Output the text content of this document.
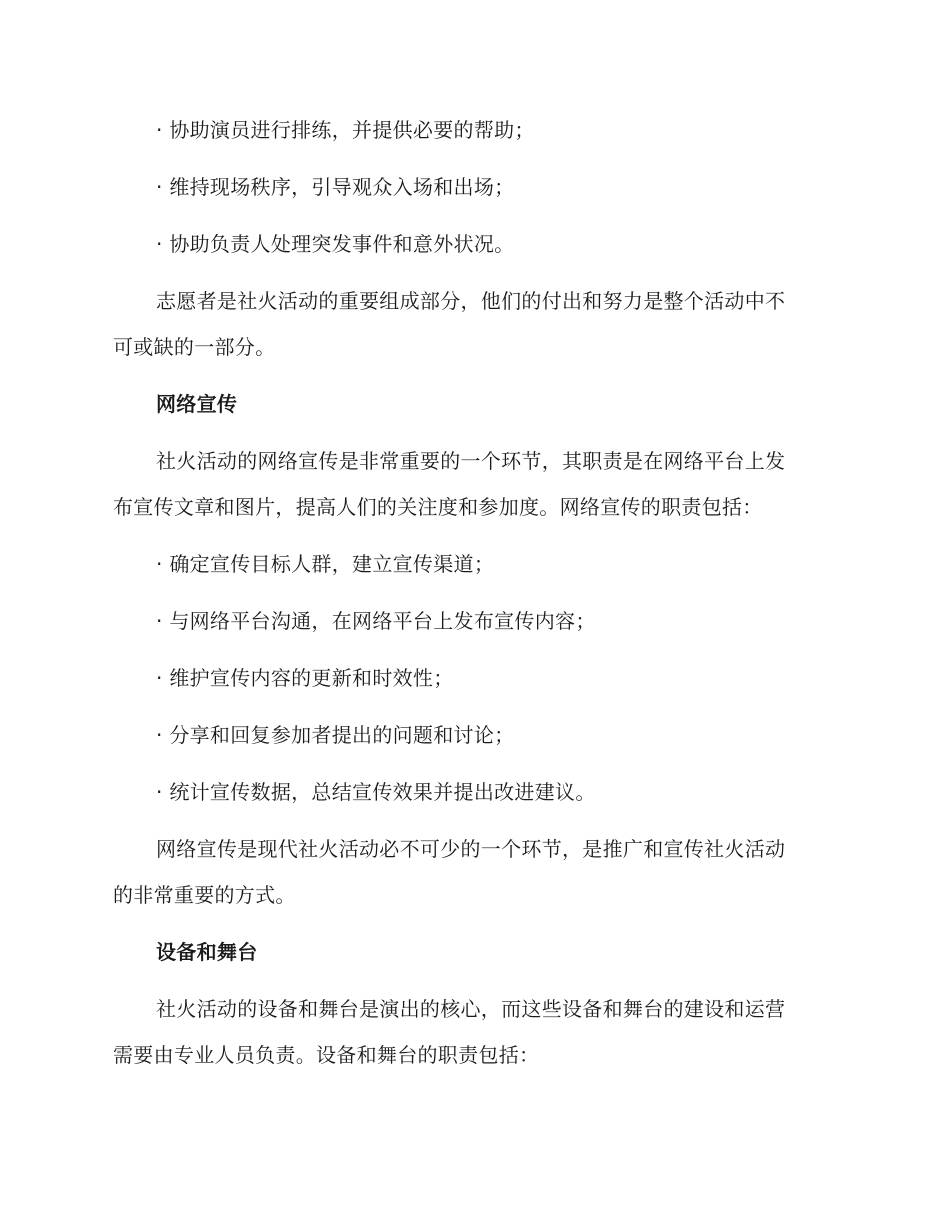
· 协助演员进行排练，并提供必要的帮助；
· 维持现场秩序，引导观众入场和出场；
· 协助负责人处理突发事件和意外状况。
志愿者是社火活动的重要组成部分，他们的付出和努力是整个活动中不
可或缺的一部分。
网络宣传
社火活动的网络宣传是非常重要的一个环节，其职责是在网络平台上发
布宣传文章和图片，提高人们的关注度和参加度。网络宣传的职责包括：
· 确定宣传目标人群，建立宣传渠道；
· 与网络平台沟通，在网络平台上发布宣传内容；
· 维护宣传内容的更新和时效性；
· 分享和回复参加者提出的问题和讨论；
· 统计宣传数据，总结宣传效果并提出改进建议。
网络宣传是现代社火活动必不可少的一个环节，是推广和宣传社火活动
的非常重要的方式。
设备和舞台
社火活动的设备和舞台是演出的核心，而这些设备和舞台的建设和运营
需要由专业人员负责。设备和舞台的职责包括：
